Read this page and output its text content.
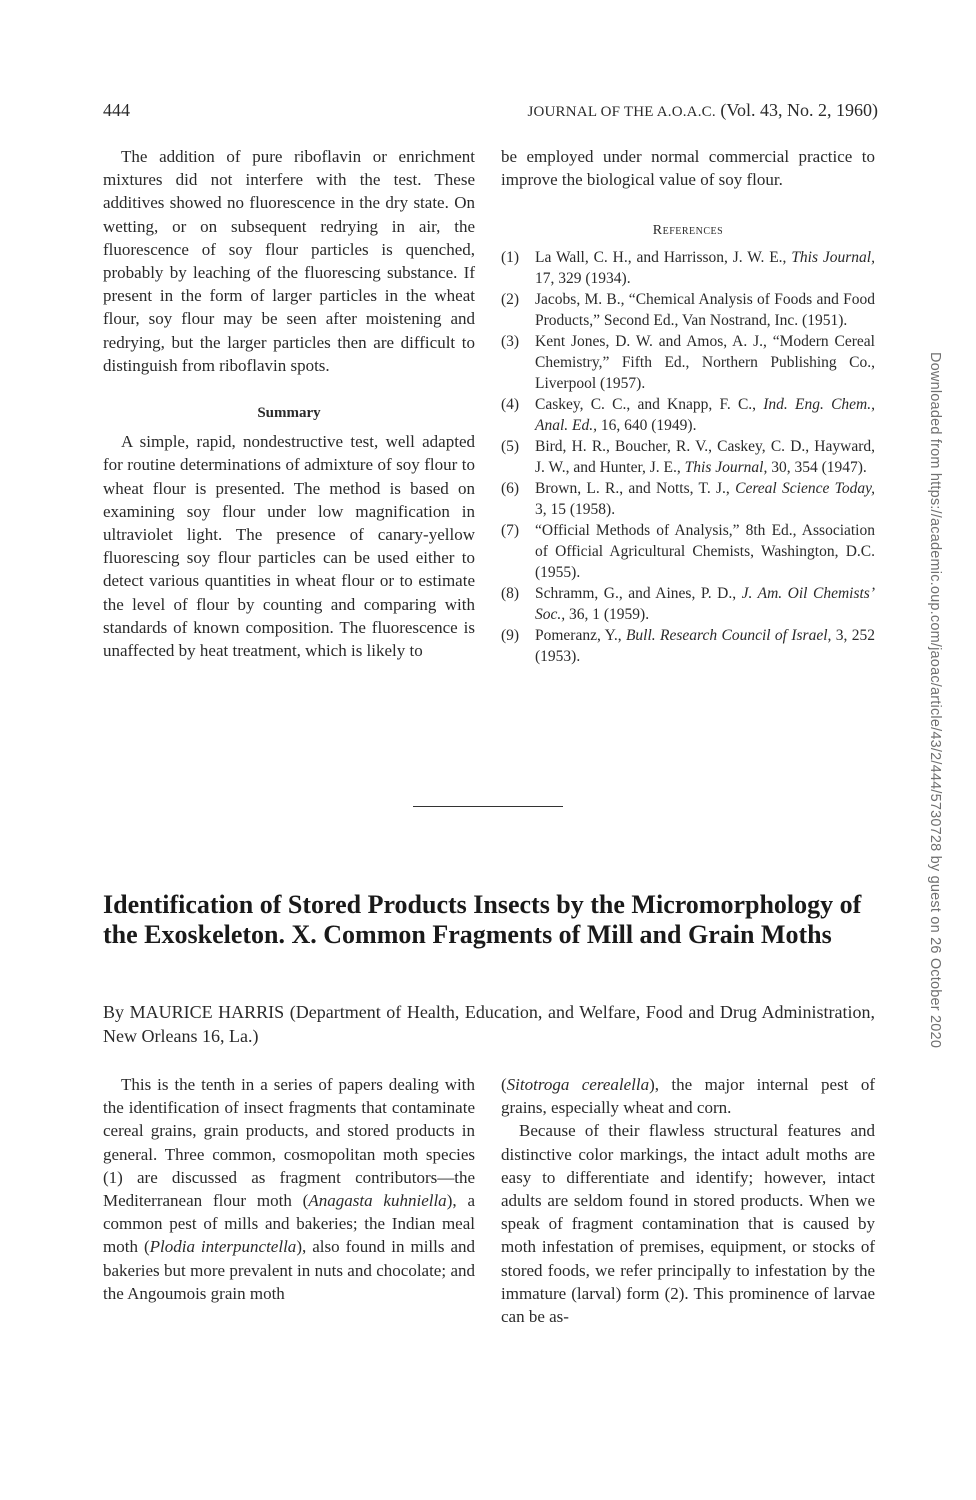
444	JOURNAL OF THE A.O.A.C. (Vol. 43, No. 2, 1960)

The addition of pure riboflavin or enrichment mixtures did not interfere with the test. These additives showed no fluorescence in the dry state. On wetting, or on subsequent redrying in air, the fluorescence of soy flour particles is quenched, probably by leaching of the fluorescing substance. If present in the form of larger particles in the wheat flour, soy flour may be seen after moistening and redrying, but the larger particles then are difficult to distinguish from riboflavin spots.

Summary

A simple, rapid, nondestructive test, well adapted for routine determinations of admixture of soy flour to wheat flour is presented. The method is based on examining soy flour under low magnification in ultraviolet light. The presence of canary-yellow fluorescing soy flour particles can be used either to detect various quantities in wheat flour or to estimate the level of flour by counting and comparing with standards of known composition. The fluorescence is unaffected by heat treatment, which is likely to

be employed under normal commercial practice to improve the biological value of soy flour.
References
(1) La Wall, C. H., and Harrisson, J. W. E., This Journal, 17, 329 (1934).
(2) Jacobs, M. B., “Chemical Analysis of Foods and Food Products,” Second Ed., Van Nostrand, Inc. (1951).
(3) Kent Jones, D. W. and Amos, A. J., “Modern Cereal Chemistry,” Fifth Ed., Northern Publishing Co., Liverpool (1957).
(4) Caskey, C. C., and Knapp, F. C., Ind. Eng. Chem., Anal. Ed., 16, 640 (1949).
(5) Bird, H. R., Boucher, R. V., Caskey, C. D., Hayward, J. W., and Hunter, J. E., This Journal, 30, 354 (1947).
(6) Brown, L. R., and Notts, T. J., Cereal Science Today, 3, 15 (1958).
(7) “Official Methods of Analysis,” 8th Ed., Association of Official Agricultural Chemists, Washington, D.C. (1955).
(8) Schramm, G., and Aines, P. D., J. Am. Oil Chemists’ Soc., 36, 1 (1959).
(9) Pomeranz, Y., Bull. Research Council of Israel, 3, 252 (1953).
Identification of Stored Products Insects by the Micromorphology of the Exoskeleton. X. Common Fragments of Mill and Grain Moths
By MAURICE HARRIS (Department of Health, Education, and Welfare, Food and Drug Administration, New Orleans 16, La.)

This is the tenth in a series of papers dealing with the identification of insect fragments that contaminate cereal grains, grain products, and stored products in general. Three common, cosmopolitan moth species (1) are discussed as fragment contributors—the Mediterranean flour moth (Anagasta kuhniella), a common pest of mills and bakeries; the Indian meal moth (Plodia interpunctella), also found in mills and bakeries but more prevalent in nuts and chocolate; and the Angoumois grain moth

(Sitotroga cerealella), the major internal pest of grains, especially wheat and corn.

Because of their flawless structural features and distinctive color markings, the intact adult moths are easy to differentiate and identify; however, intact adults are seldom found in stored products. When we speak of fragment contamination that is caused by moth infestation of premises, equipment, or stocks of stored foods, we refer principally to infestation by the immature (larval) form (2). This prominence of larvae can be as-

Downloaded from https://academic.oup.com/jaoac/article/43/2/444/5730728 by guest on 26 October 2020
